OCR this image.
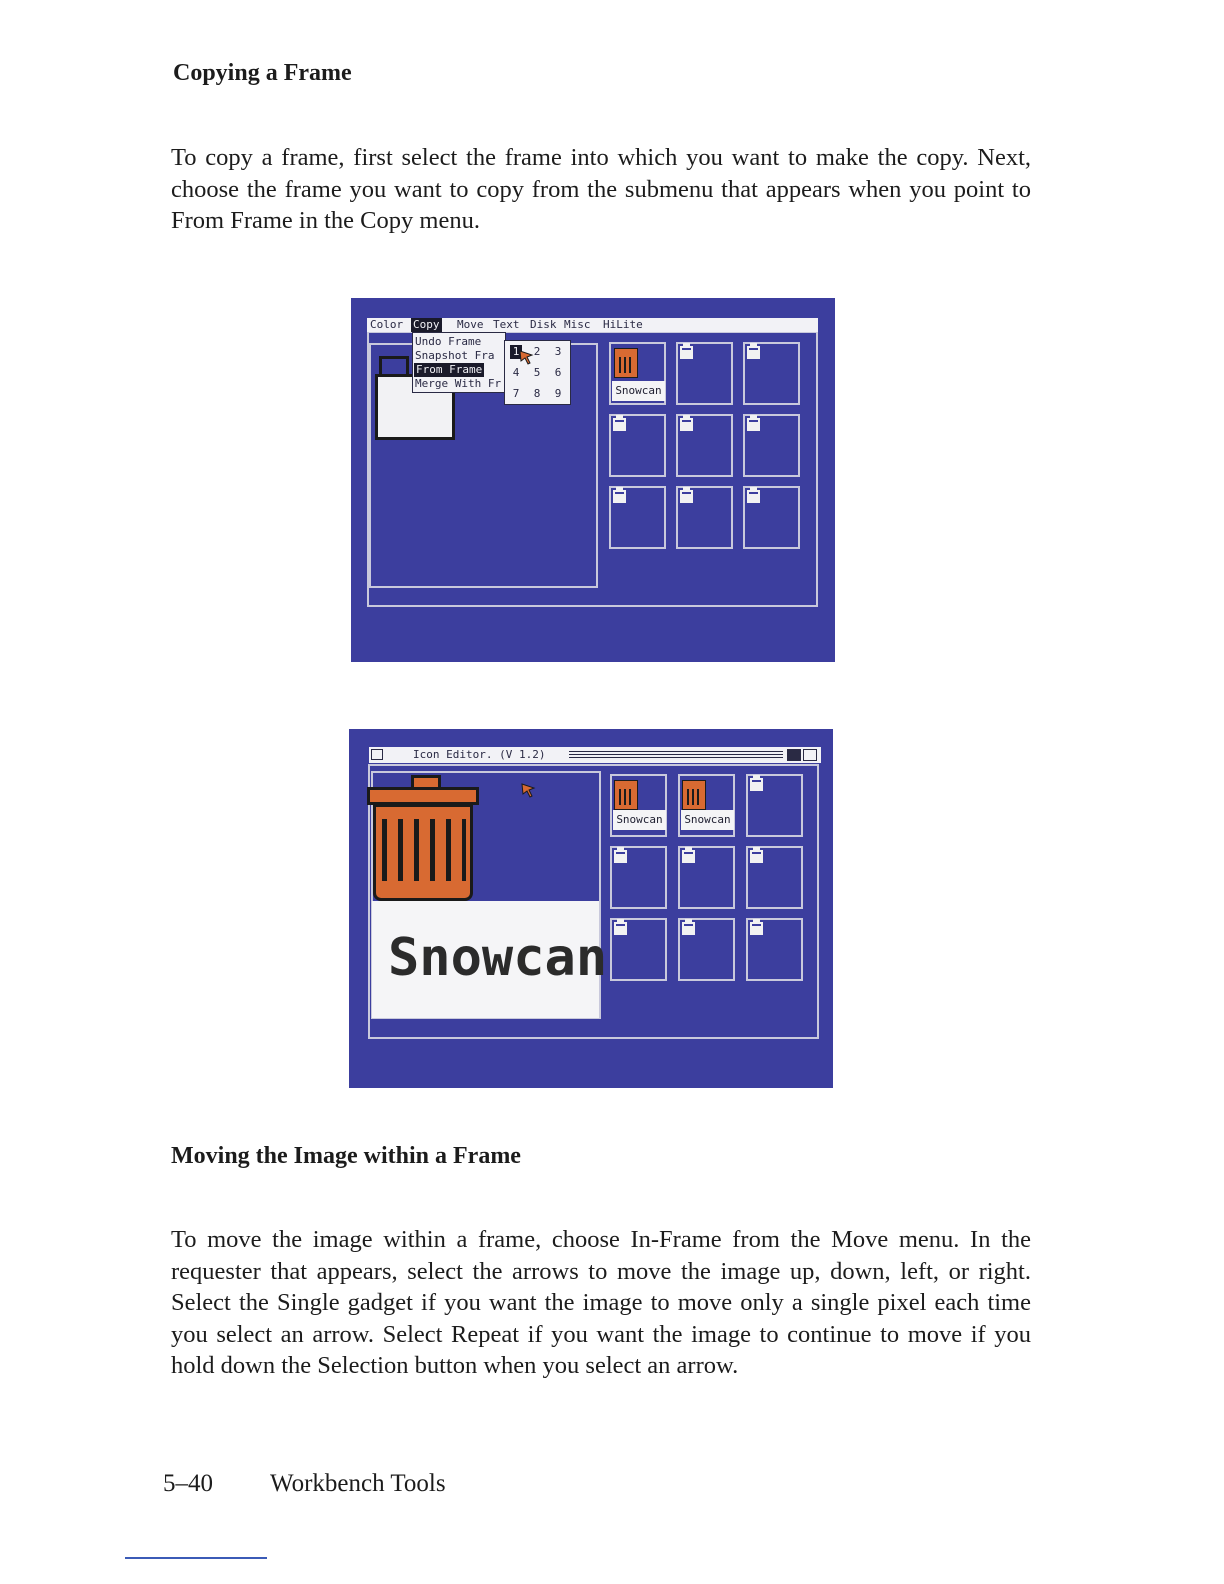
Copying a Frame

To copy a frame, first select the frame into which you want to make the copy. Next, choose the frame you want to copy from the submenu that appears when you point to From Frame in the Copy menu.

Color Copy Move Text Disk Misc HiLite
Undo Frame
Snapshot Fra
From Frame
Merge With Fr
1 2 3
4 5 6
7 8 9	Snowcan
Icon Editor. (V 1.2)
Snowcan
Snowcan	Snowcan
Moving the Image within a Frame

To move the image within a frame, choose In-Frame from the Move menu. In the requester that appears, select the arrows to move the image up, down, left, or right. Select the Single gadget if you want the image to move only a single pixel each time you select an arrow. Select Repeat if you want the image to continue to move if you hold down the Selection button when you select an arrow.

5–40 Workbench Tools
